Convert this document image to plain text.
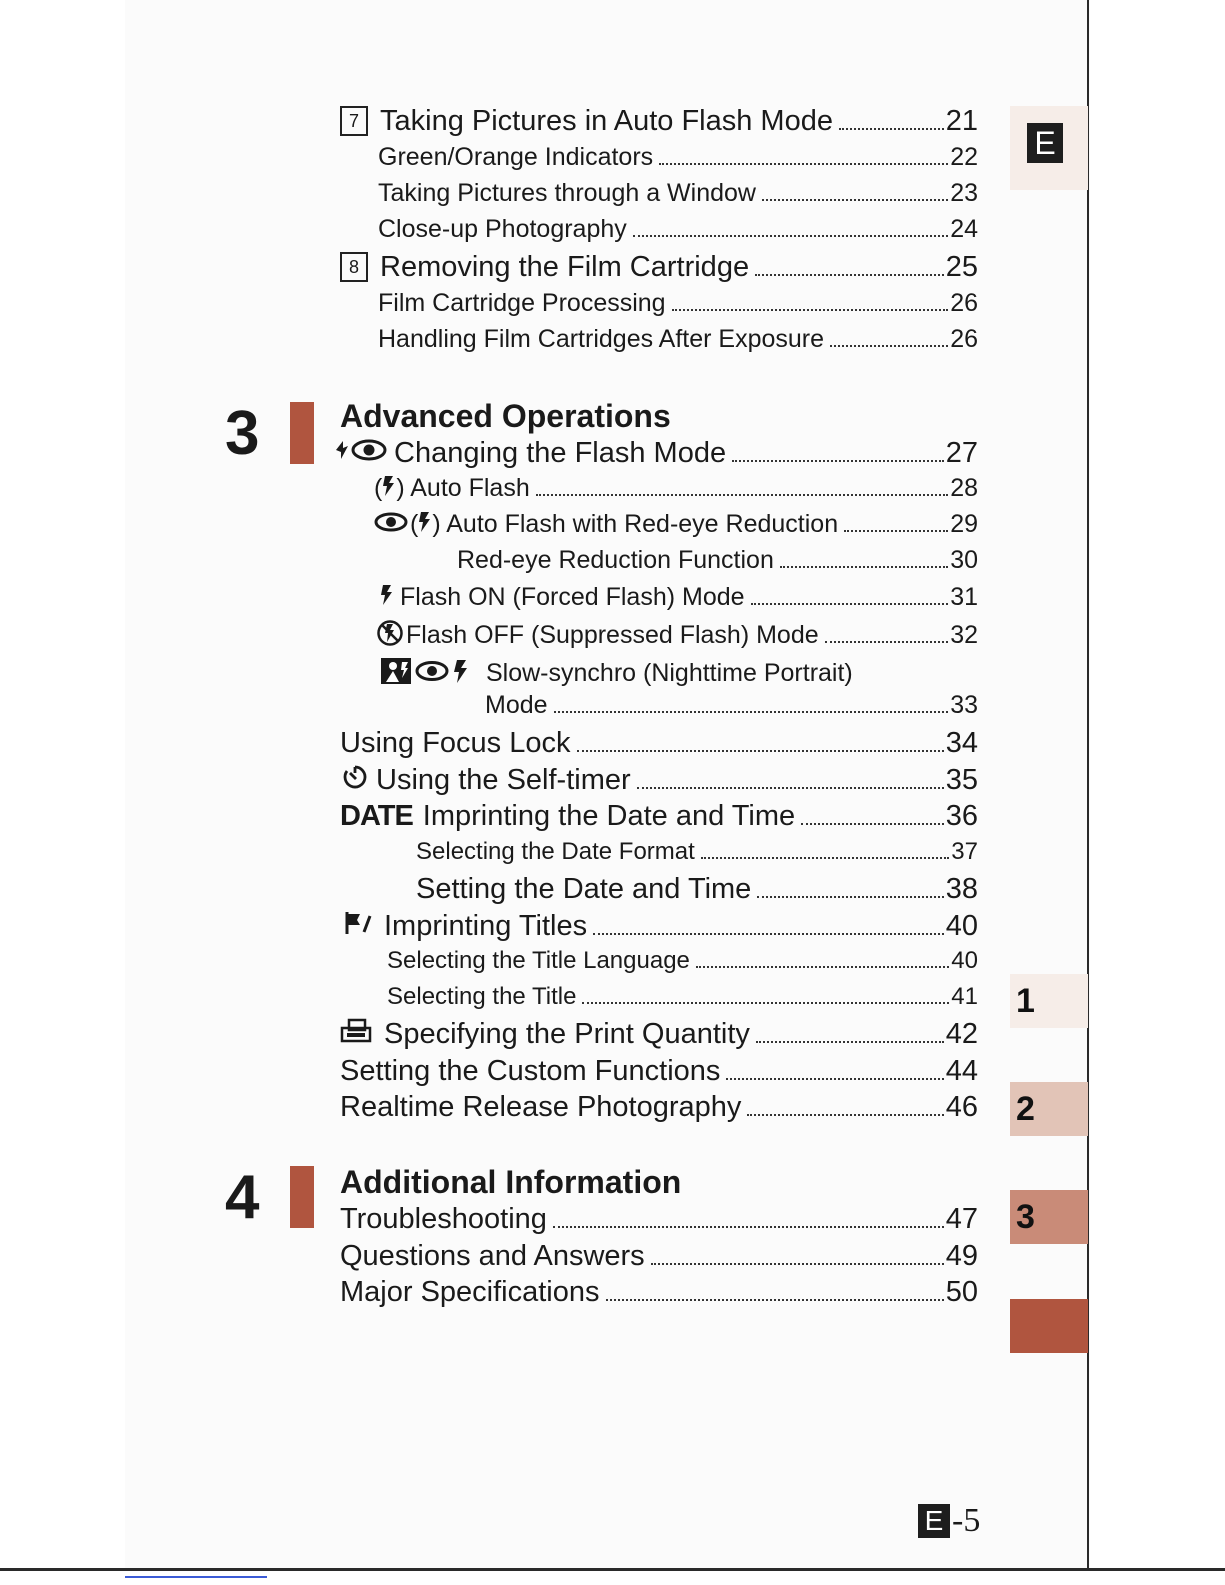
E
1
2
3
7 Taking Pictures in Auto Flash Mode	21
Green/Orange Indicators	22
Taking Pictures through a Window	23
Close-up Photography	24
8 Removing the Film Cartridge	25
Film Cartridge Processing	26
Handling Film Cartridges After Exposure	26
3	Advanced Operations
Changing the Flash Mode	27
( ) Auto Flash	28
( ) Auto Flash with Red-eye Reduction	29
Red-eye Reduction Function	30
Flash ON (Forced Flash) Mode	31
Flash OFF (Suppressed Flash) Mode	32
Slow-synchro (Nighttime Portrait)
Mode	33
Using Focus Lock	34
Using the Self-timer	35
DATE Imprinting the Date and Time	36
Selecting the Date Format	37
Setting the Date and Time	38
Imprinting Titles	40
Selecting the Title Language	40
Selecting the Title	41
Specifying the Print Quantity	42
Setting the Custom Functions	44
Realtime Release Photography	46
4	Additional Information
Troubleshooting	47
Questions and Answers	49
Major Specifications	50
E -5
